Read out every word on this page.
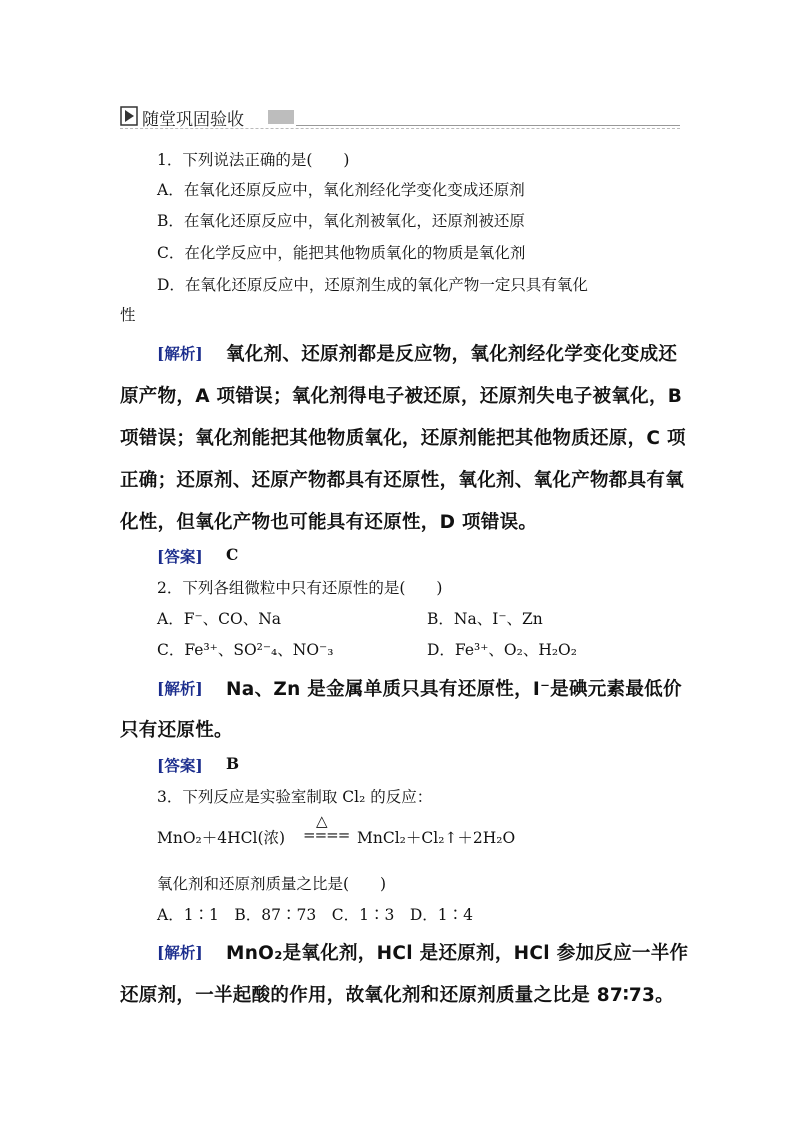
随堂巩固验收
1．下列说法正确的是(　　)
A．在氧化还原反应中，氧化剂经化学变化变成还原剂
B．在氧化还原反应中，氧化剂被氧化，还原剂被还原
C．在化学反应中，能把其他物质氧化的物质是氧化剂
D．在氧化还原反应中，还原剂生成的氧化产物一定只具有氧化
性
[解析] 氧化剂、还原剂都是反应物，氧化剂经化学变化变成还
原产物，A 项错误；氧化剂得电子被还原，还原剂失电子被氧化，B
项错误；氧化剂能把其他物质氧化，还原剂能把其他物质还原，C 项
正确；还原剂、还原产物都具有还原性，氧化剂、氧化产物都具有氧
化性，但氧化产物也可能具有还原性，D 项错误。
[答案] C
2．下列各组微粒中只有还原性的是(　　)
A．F⁻、CO、Na	B．Na、I⁻、Zn
C．Fe³⁺、SO²⁻₄、NO⁻₃	D．Fe³⁺、O₂、H₂O₂
[解析] Na、Zn 是金属单质只具有还原性，I⁻是碘元素最低价
只有还原性。
[答案] B
3．下列反应是实验室制取 Cl₂ 的反应：
MnO₂＋4HCl(浓)
△
==== MnCl₂＋Cl₂↑＋2H₂O
氧化剂和还原剂质量之比是(　　)
A．1∶1　B．87∶73　C．1∶3　D．1∶4
[解析] MnO₂是氧化剂，HCl 是还原剂，HCl 参加反应一半作
还原剂，一半起酸的作用，故氧化剂和还原剂质量之比是 87∶73。
